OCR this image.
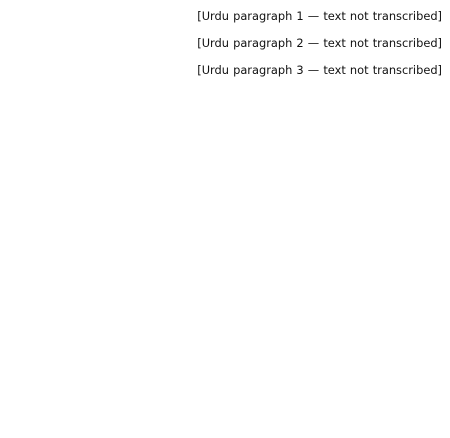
[Urdu paragraph 1 — text not transcribed]

[Urdu paragraph 2 — text not transcribed]

[Urdu paragraph 3 — text not transcribed]
